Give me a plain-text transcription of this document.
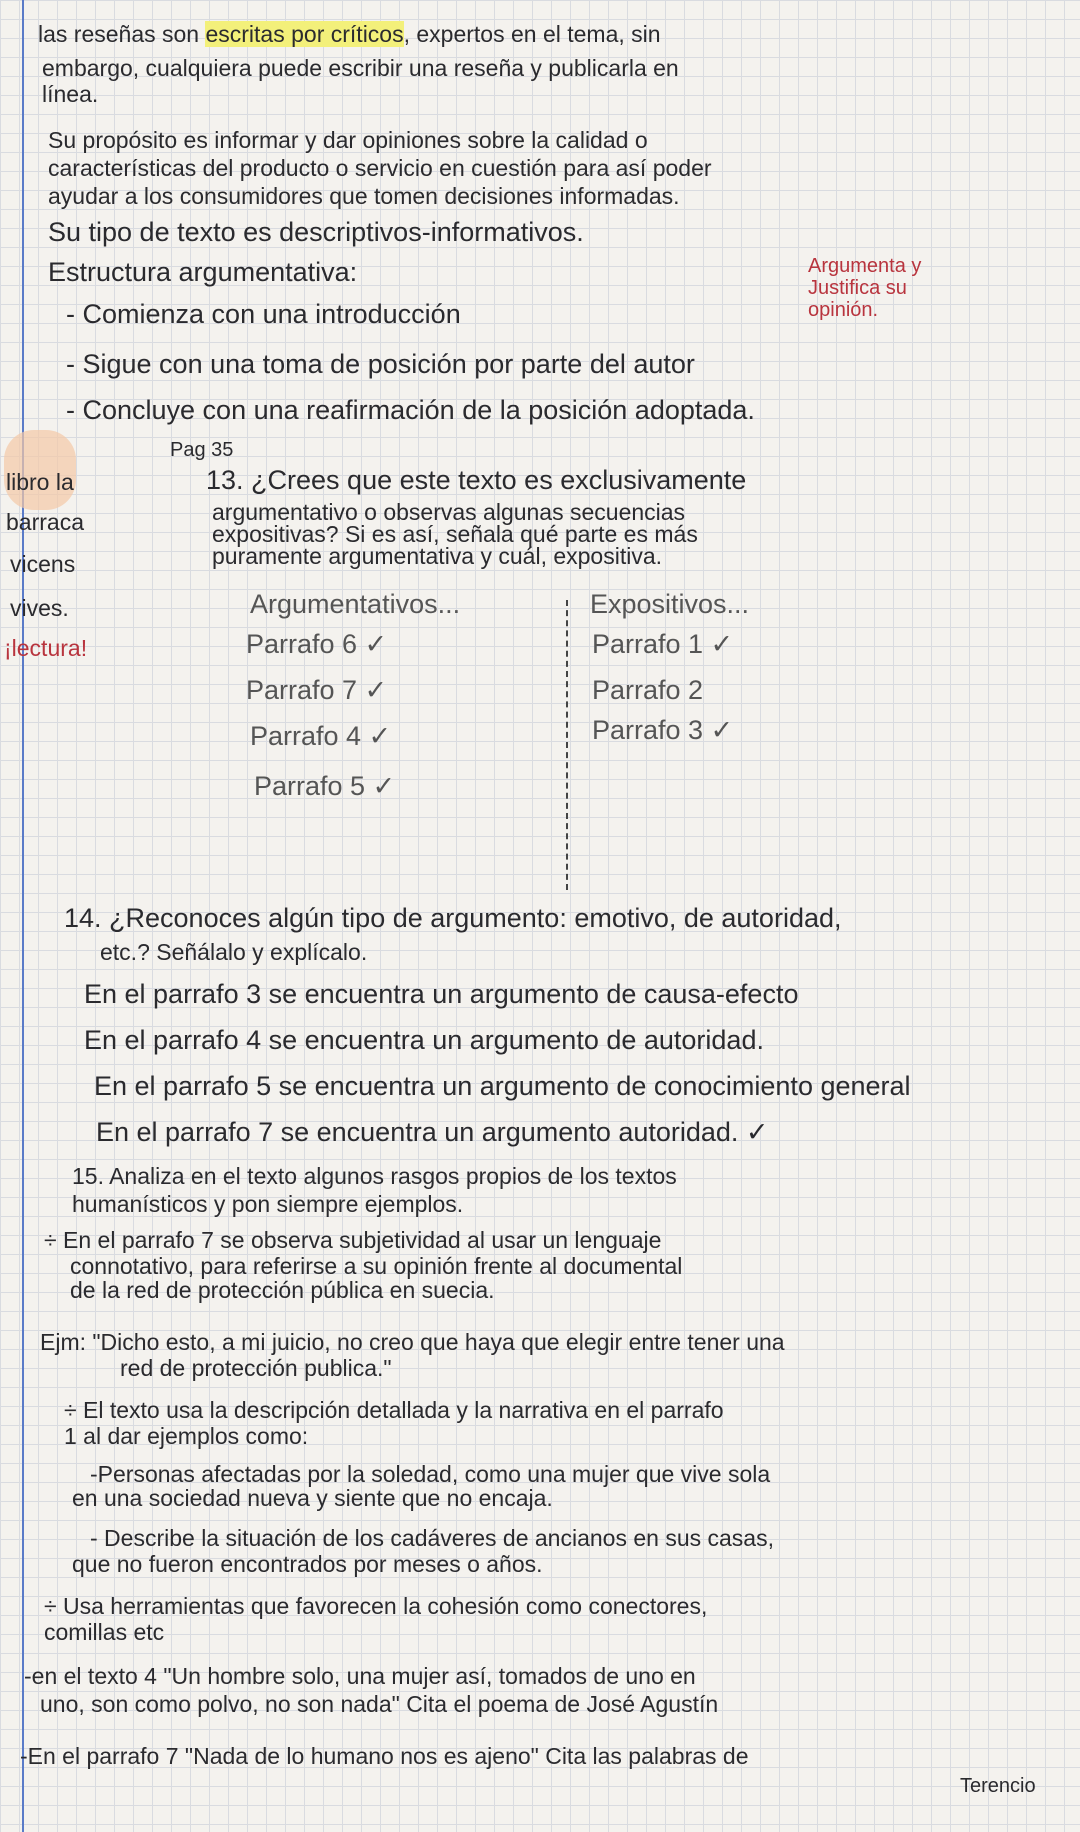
las reseñas son escritas por críticos, expertos en el tema, sin
embargo, cualquiera puede escribir una reseña y publicarla en
línea.
Su propósito es informar y dar opiniones sobre la calidad o
características del producto o servicio en cuestión para así poder
ayudar a los consumidores que tomen decisiones informadas.
Su tipo de texto es descriptivos-informativos.
Estructura argumentativa:
- Comienza con una introducción
- Sigue con una toma de posición por parte del autor
- Concluye con una reafirmación de la posición adoptada.
Argumenta y
Justifica su
opinión.
Pag 35
libro la
barraca
vicens
vives.
¡lectura!
13. ¿Crees que este texto es exclusivamente
argumentativo o observas algunas secuencias
expositivas? Si es así, señala qué parte es más
puramente argumentativa y cuál, expositiva.
Argumentativos...	Expositivos...
Parrafo 6 ✓
Parrafo 7 ✓
Parrafo 4 ✓
Parrafo 5 ✓
Parrafo 1 ✓
Parrafo 2
Parrafo 3 ✓
14. ¿Reconoces algún tipo de argumento: emotivo, de autoridad,
etc.? Señálalo y explícalo.
En el parrafo 3 se encuentra un argumento de causa-efecto
En el parrafo 4 se encuentra un argumento de autoridad.
En el parrafo 5 se encuentra un argumento de conocimiento general
En el parrafo 7 se encuentra un argumento autoridad. ✓
15. Analiza en el texto algunos rasgos propios de los textos
humanísticos y pon siempre ejemplos.
÷ En el parrafo 7 se observa subjetividad al usar un lenguaje
connotativo, para referirse a su opinión frente al documental
de la red de protección pública en suecia.
Ejm: "Dicho esto, a mi juicio, no creo que haya que elegir entre tener una
red de protección publica."
÷ El texto usa la descripción detallada y la narrativa en el parrafo
1 al dar ejemplos como:
-Personas afectadas por la soledad, como una mujer que vive sola
en una sociedad nueva y siente que no encaja.
- Describe la situación de los cadáveres de ancianos en sus casas,
que no fueron encontrados por meses o años.
÷ Usa herramientas que favorecen la cohesión como conectores,
comillas etc
-en el texto 4 "Un hombre solo, una mujer así, tomados de uno en
uno, son como polvo, no son nada" Cita el poema de José Agustín
-En el parrafo 7 "Nada de lo humano nos es ajeno" Cita las palabras de
Terencio
